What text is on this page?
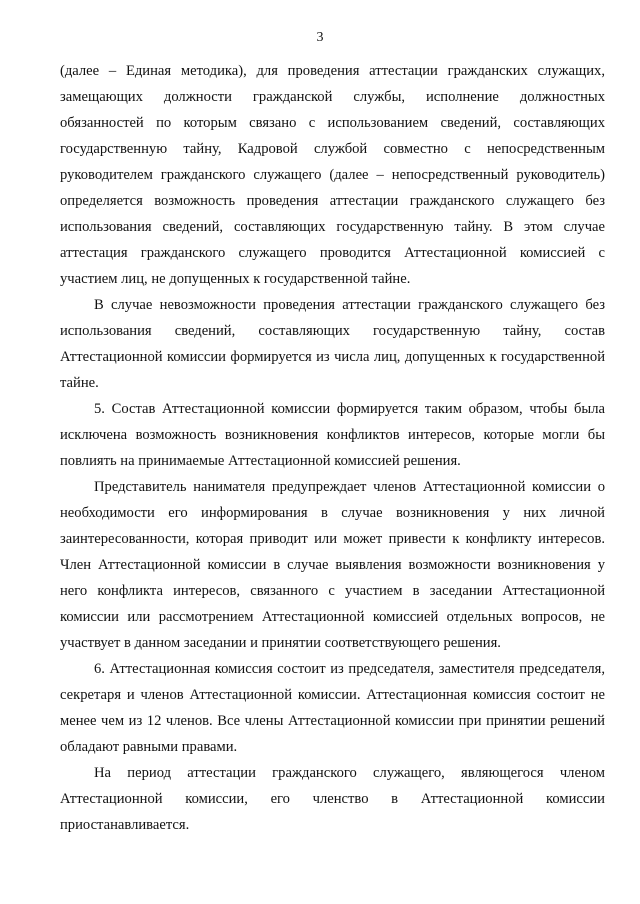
3

(далее – Единая методика), для проведения аттестации гражданских служащих, замещающих должности гражданской службы, исполнение должностных обязанностей по которым связано с использованием сведений, составляющих государственную тайну, Кадровой службой совместно с непосредственным руководителем гражданского служащего (далее – непосредственный руководитель) определяется возможность проведения аттестации гражданского служащего без использования сведений, составляющих государственную тайну. В этом случае аттестация гражданского служащего проводится Аттестационной комиссией с участием лиц, не допущенных к государственной тайне.

В случае невозможности проведения аттестации гражданского служащего без использования сведений, составляющих государственную тайну, состав Аттестационной комиссии формируется из числа лиц, допущенных к государственной тайне.

5. Состав Аттестационной комиссии формируется таким образом, чтобы была исключена возможность возникновения конфликтов интересов, которые могли бы повлиять на принимаемые Аттестационной комиссией решения.

Представитель нанимателя предупреждает членов Аттестационной комиссии о необходимости его информирования в случае возникновения у них личной заинтересованности, которая приводит или может привести к конфликту интересов. Член Аттестационной комиссии в случае выявления возможности возникновения у него конфликта интересов, связанного с участием в заседании Аттестационной комиссии или рассмотрением Аттестационной комиссией отдельных вопросов, не участвует в данном заседании и принятии соответствующего решения.

6. Аттестационная комиссия состоит из председателя, заместителя председателя, секретаря и членов Аттестационной комиссии. Аттестационная комиссия состоит не менее чем из 12 членов. Все члены Аттестационной комиссии при принятии решений обладают равными правами.

На период аттестации гражданского служащего, являющегося членом Аттестационной комиссии, его членство в Аттестационной комиссии приостанавливается.
